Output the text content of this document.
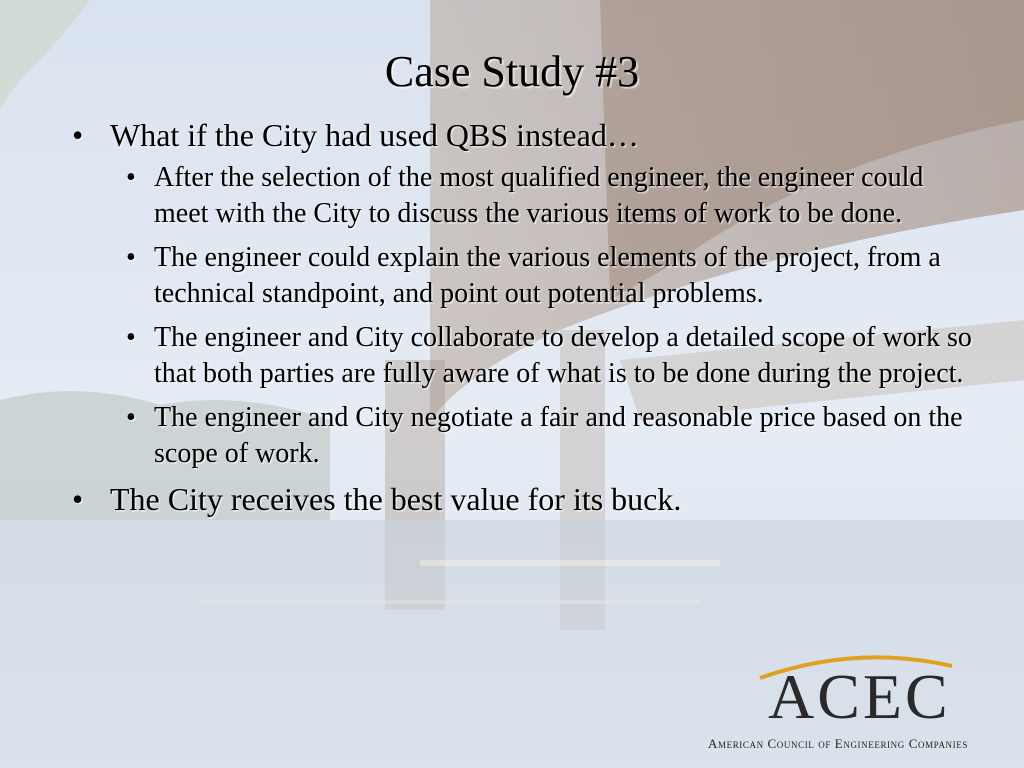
Case Study #3
• What if the City had used QBS instead…
• After the selection of the most qualified engineer, the engineer could meet with the City to discuss the various items of work to be done.
• The engineer could explain the various elements of the project, from a technical standpoint, and point out potential problems.
• The engineer and City collaborate to develop a detailed scope of work so that both parties are fully aware of what is to be done during the project.
• The engineer and City negotiate a fair and reasonable price based on the scope of work.
• The City receives the best value for its buck.
ACEC
American Council of Engineering Companies
